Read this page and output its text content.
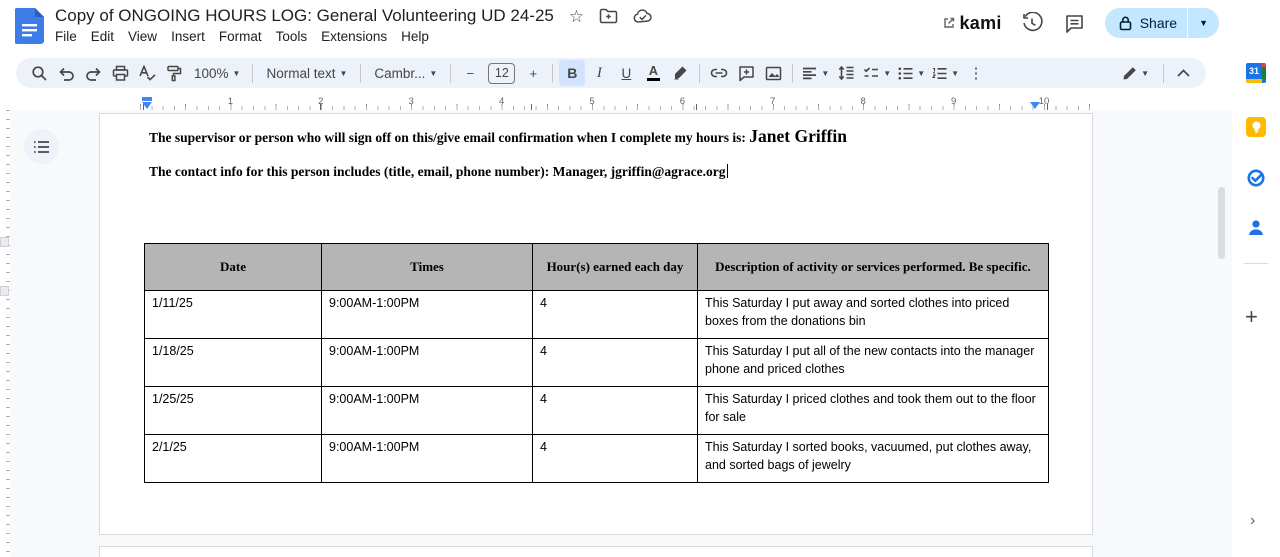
Copy of ONGOING HOURS LOG: General Volunteering UD 24-25 ☆
File	Edit	View	Insert	Format	Tools	Extensions	Help
kami	Share	▼
100% ▼ Normal text ▼ Cambr... ▼	−	12	+	B	I	U	A	▼	▼	▼	▼ ⋮	▼
1	2	3	4	5	6	7	8	9	10

The supervisor or person who will sign off on this/give email confirmation when I complete my hours is: Janet Griffin

The contact info for this person includes (title, email, phone number): Manager, jgriffin@agrace.org

Date	Times	Hour(s) earned each day	Description of activity or services performed. Be specific.
1/11/25	9:00AM-1:00PM	4	This Saturday I put away and sorted clothes into priced boxes from the donations bin
1/18/25	9:00AM-1:00PM	4	This Saturday I put all of the new contacts into the manager phone and priced clothes
1/25/25	9:00AM-1:00PM	4	This Saturday I priced clothes and took them out to the floor for sale
2/1/25	9:00AM-1:00PM	4	This Saturday I sorted books, vacuumed, put clothes away, and sorted bags of jewelry
31
+
›
